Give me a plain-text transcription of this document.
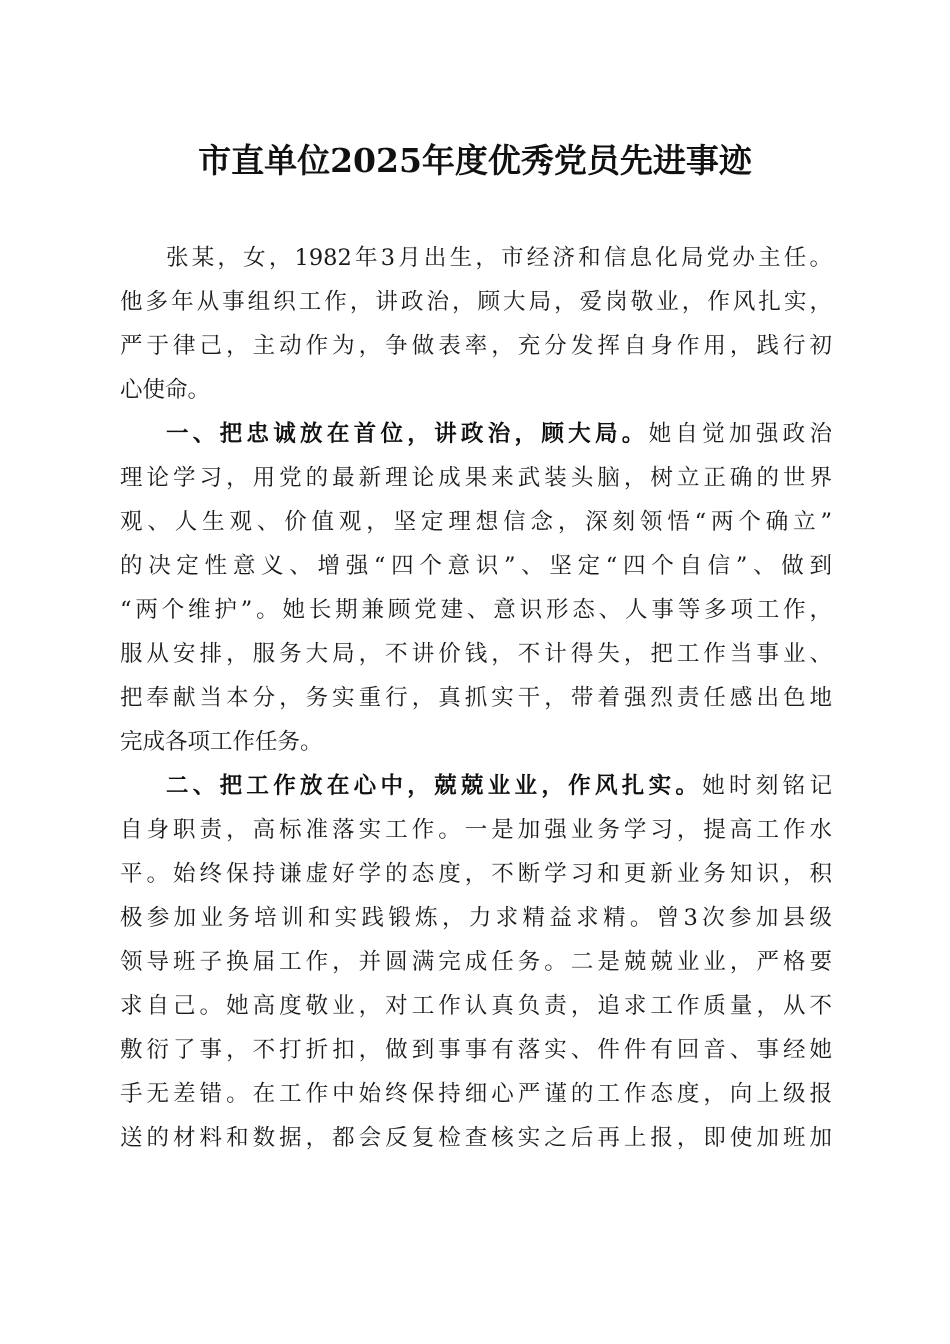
市直单位2025年度优秀党员先进事迹
张某，女，1982年3月出生，市经济和信息化局党办主任。
他多年从事组织工作，讲政治，顾大局，爱岗敬业，作风扎实，
严于律己，主动作为，争做表率，充分发挥自身作用，践行初
心使命。
一、把忠诚放在首位，讲政治，顾大局。她自觉加强政治
理论学习，用党的最新理论成果来武装头脑，树立正确的世界
观、人生观、价值观，坚定理想信念，深刻领悟“两个确立”
的决定性意义、增强“四个意识”、坚定“四个自信”、做到
“两个维护”。她长期兼顾党建、意识形态、人事等多项工作，
服从安排，服务大局，不讲价钱，不计得失，把工作当事业、
把奉献当本分，务实重行，真抓实干，带着强烈责任感出色地
完成各项工作任务。
二、把工作放在心中，兢兢业业，作风扎实。她时刻铭记
自身职责，高标准落实工作。一是加强业务学习，提高工作水
平。始终保持谦虚好学的态度，不断学习和更新业务知识，积
极参加业务培训和实践锻炼，力求精益求精。曾3次参加县级
领导班子换届工作，并圆满完成任务。二是兢兢业业，严格要
求自己。她高度敬业，对工作认真负责，追求工作质量，从不
敷衍了事，不打折扣，做到事事有落实、件件有回音、事经她
手无差错。在工作中始终保持细心严谨的工作态度，向上级报
送的材料和数据，都会反复检查核实之后再上报，即使加班加
